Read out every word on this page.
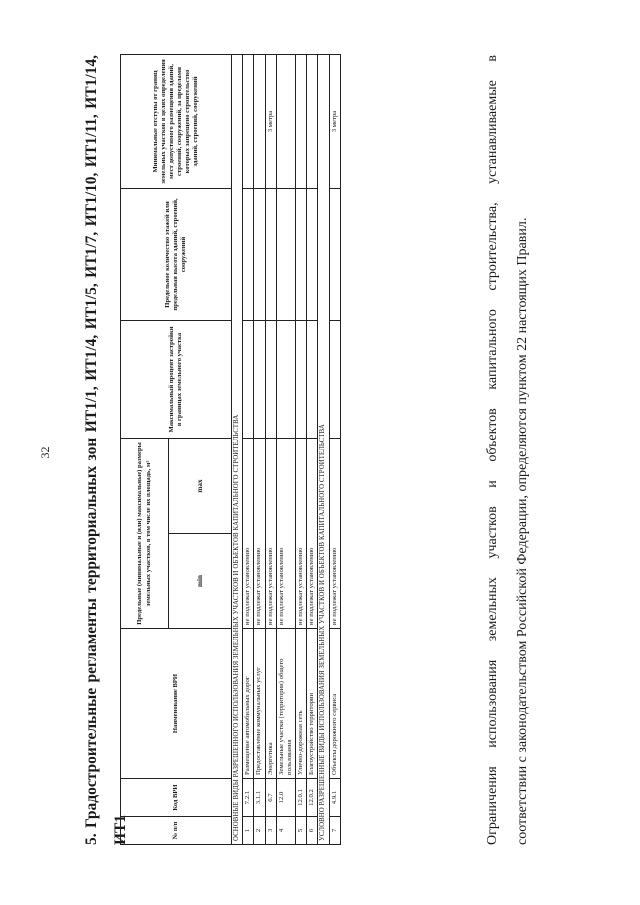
32	5. Градостроительные регламенты территориальных зон ИТ1/1, ИТ1/4, ИТ1/5, ИТ1/7, ИТ1/10, ИТ1/11, ИТ1/14, ИТ1	№ п/п	Код ВРИ	Наименование ВРИ	Предельные (минимальные и (или) максимальные) размеры земельных участков, в том числе их площадь, м²		Максимальный процент застройки в границах земельного участка	Предельное количество этажей или предельная высота зданий, строений, сооружений	Минимальные отступы от границ земельных участков в целях определения мест допустимого размещения зданий, строений, сооружений, за пределами которых запрещено строительство зданий, строений, сооружений
			min	max			
ОСНОВНЫЕ ВИДЫ РАЗРЕШЕННОГО ИСПОЛЬЗОВАНИЯ ЗЕМЕЛЬНЫХ УЧАСТКОВ И ОБЪЕКТОВ КАПИТАЛЬНОГО СТРОИТЕЛЬСТВА							
1	7.2.1	Размещение автомобильных дорог	не подлежат установлению				
2	3.1.1	Предоставление коммунальных услуг	не подлежат установлению				
3	6.7	Энергетика	не подлежат установлению				3 метра
4	12.0	Земельные участки (территории) общего пользования	не подлежат установлению				
5	12.0.1	Улично-дорожная сеть	не подлежат установлению				
6	12.0.2	Благоустройство территории	не подлежат установлению				
УСЛОВНО РАЗРЕШЕННЫЕ ВИДЫ ИСПОЛЬЗОВАНИЯ ЗЕМЕЛЬНЫХ УЧАСТКОВ И ОБЪЕКТОВ КАПИТАЛЬНОГО СТРОИТЕЛЬСТВА							
7	4.9.1	Объекты дорожного сервиса	не подлежат установлению				3 метра	Ограничения использования земельных участков и объектов капитального строительства, устанавливаемые в	соответствии с законодательством Российской Федерации, определяются пунктом 22 настоящих Правил.
